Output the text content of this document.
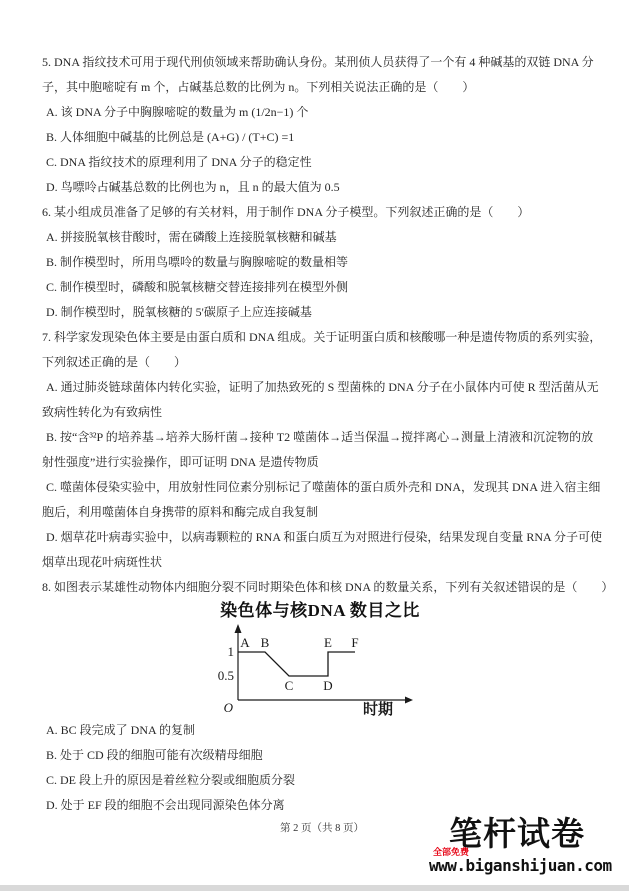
5. DNA 指纹技术可用于现代刑侦领域来帮助确认身份。某刑侦人员获得了一个有 4 种碱基的双链 DNA 分
子，其中胞嘧啶有 m 个，占碱基总数的比例为 n。下列相关说法正确的是（　　）
A. 该 DNA 分子中胸腺嘧啶的数量为 m (1/2n−1) 个
B. 人体细胞中碱基的比例总是 (A+G) / (T+C) =1
C. DNA 指纹技术的原理利用了 DNA 分子的稳定性
D. 鸟嘌呤占碱基总数的比例也为 n，且 n 的最大值为 0.5
6. 某小组成员准备了足够的有关材料，用于制作 DNA 分子模型。下列叙述正确的是（　　）
A. 拼接脱氧核苷酸时，需在磷酸上连接脱氧核糖和碱基
B. 制作模型时，所用鸟嘌呤的数量与胸腺嘧啶的数量相等
C. 制作模型时，磷酸和脱氧核糖交替连接排列在模型外侧
D. 制作模型时，脱氧核糖的 5'碳原子上应连接碱基
7. 科学家发现染色体主要是由蛋白质和 DNA 组成。关于证明蛋白质和核酸哪一种是遗传物质的系列实验，
下列叙述正确的是（　　）
A. 通过肺炎链球菌体内转化实验，证明了加热致死的 S 型菌株的 DNA 分子在小鼠体内可使 R 型活菌从无
致病性转化为有致病性
B. 按“含³²P 的培养基→培养大肠杆菌→接种 T2 噬菌体→适当保温→搅拌离心→测量上清液和沉淀物的放
射性强度”进行实验操作，即可证明 DNA 是遗传物质
C. 噬菌体侵染实验中，用放射性同位素分别标记了噬菌体的蛋白质外壳和 DNA，发现其 DNA 进入宿主细
胞后，利用噬菌体自身携带的原料和酶完成自我复制
D. 烟草花叶病毒实验中，以病毒颗粒的 RNA 和蛋白质互为对照进行侵染，结果发现自变量 RNA 分子可使
烟草出现花叶病斑性状
8. 如图表示某雄性动物体内细胞分裂不同时期染色体和核 DNA 的数量关系，下列有关叙述错误的是（　　）
染色体与核DNA 数目之比
O	时期
A B
C D
E F
1
0.5
A. BC 段完成了 DNA 的复制
B. 处于 CD 段的细胞可能有次级精母细胞
C. DE 段上升的原因是着丝粒分裂或细胞质分裂
D. 处于 EF 段的细胞不会出现同源染色体分离
第 2 页（共 8 页）	笔杆试卷
全部免费
www.biganshijuan.com
